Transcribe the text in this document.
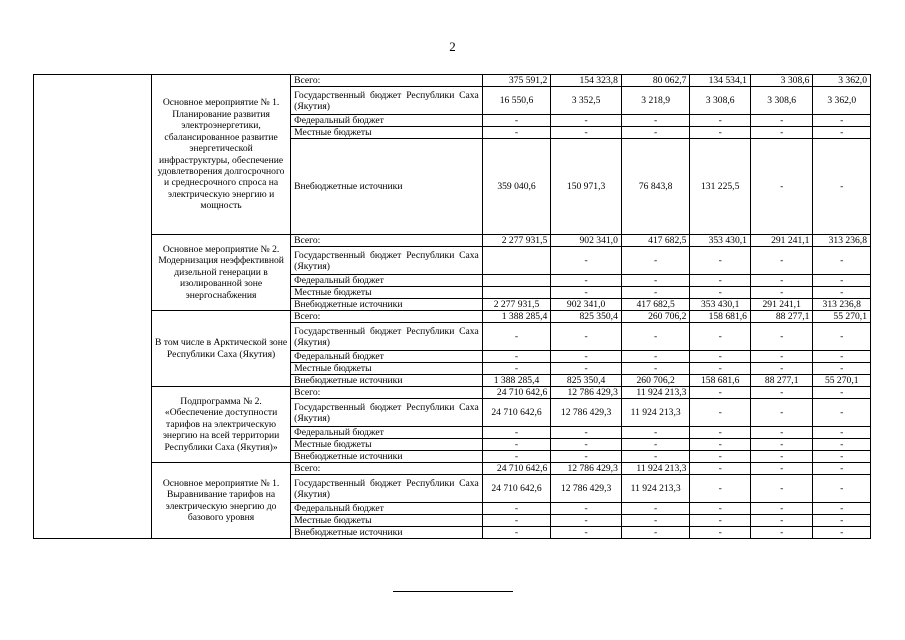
2
	Основное мероприятие № 1. Планирование развития электроэнергетики, сбалансированное развитие энергетической инфраструктуры, обеспечение удовлетворения долгосрочного и среднесрочного спроса на электрическую энергию и мощность	Всего:	375 591,2	154 323,8	80 062,7	134 534,1	3 308,6	3 362,0
		Государственный бюджет Республики Саха (Якутия)	16 550,6	3 352,5	3 218,9	3 308,6	3 308,6	3 362,0
		Федеральный бюджет	-	-	-	-	-	-
		Местные бюджеты	-	-	-	-	-	-
		Внебюджетные источники	359 040,6	150 971,3	76 843,8	131 225,5	-	-
	Основное мероприятие № 2. Модернизация неэффективной дизельной генерации в изолированной зоне энергоснабжения	Всего:	2 277 931,5	902 341,0	417 682,5	353 430,1	291 241,1	313 236,8
		Государственный бюджет Республики Саха (Якутия)		-	-	-	-	-
		Федеральный бюджет		-	-	-	-	-
		Местные бюджеты		-	-	-	-	-
		Внебюджетные источники	2 277 931,5	902 341,0	417 682,5	353 430,1	291 241,1	313 236,8
	В том числе в Арктической зоне Республики Саха (Якутия)	Всего:	1 388 285,4	825 350,4	260 706,2	158 681,6	88 277,1	55 270,1
		Государственный бюджет Республики Саха (Якутия)	-	-	-	-	-	-
		Федеральный бюджет	-	-	-	-	-	-
		Местные бюджеты	-	-	-	-	-	-
		Внебюджетные источники	1 388 285,4	825 350,4	260 706,2	158 681,6	88 277,1	55 270,1
	Подпрограмма № 2. «Обеспечение доступности тарифов на электрическую энергию на всей территории Республики Саха (Якутия)»	Всего:	24 710 642,6	12 786 429,3	11 924 213,3	-	-	-
		Государственный бюджет Республики Саха (Якутия)	24 710 642,6	12 786 429,3	11 924 213,3	-	-	-
		Федеральный бюджет	-	-	-	-	-	-
		Местные бюджеты	-	-	-	-	-	-
		Внебюджетные источники	-	-	-	-	-	-
	Основное мероприятие № 1. Выравнивание тарифов на электрическую энергию до базового уровня	Всего:	24 710 642,6	12 786 429,3	11 924 213,3	-	-	-
		Государственный бюджет Республики Саха (Якутия)	24 710 642,6	12 786 429,3	11 924 213,3	-	-	-
		Федеральный бюджет	-	-	-	-	-	-
		Местные бюджеты	-	-	-	-	-	-
		Внебюджетные источники	-	-	-	-	-	-
